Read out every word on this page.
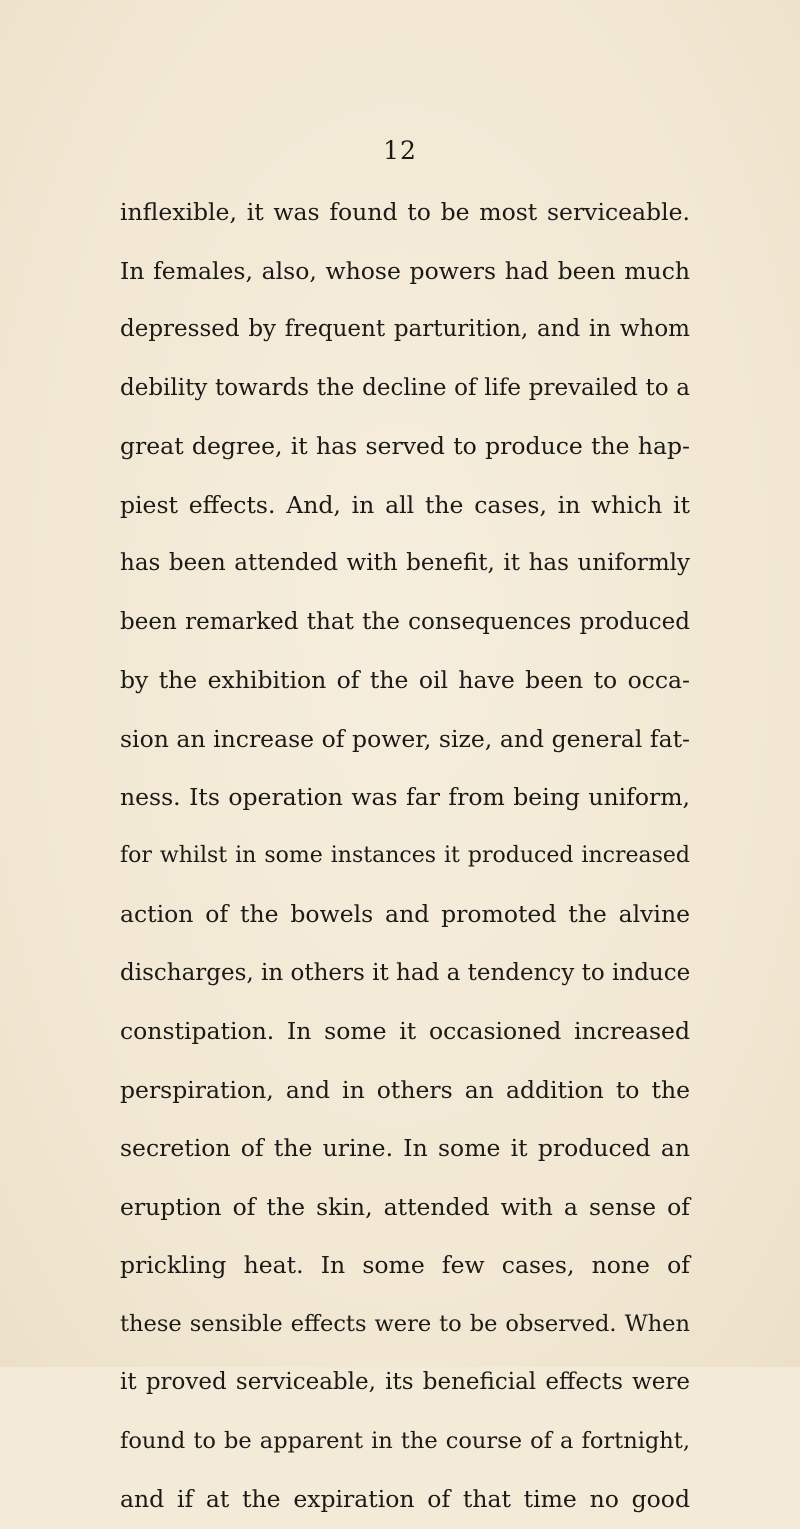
12
inflexible, it was found to be most serviceable.
In females, also, whose powers had been much
depressed by frequent parturition, and in whom
debility towards the decline of life prevailed to a
great degree, it has served to produce the hap-
piest effects. And, in all the cases, in which it
has been attended with benefit, it has uniformly
been remarked that the consequences produced
by the exhibition of the oil have been to occa-
sion an increase of power, size, and general fat-
ness. Its operation was far from being uniform,
for whilst in some instances it produced increased
action of the bowels and promoted the alvine
discharges, in others it had a tendency to induce
constipation. In some it occasioned increased
perspiration, and in others an addition to the
secretion of the urine. In some it produced an
eruption of the skin, attended with a sense of
prickling heat. In some few cases, none of
these sensible effects were to be observed. When
it proved serviceable, its beneficial effects were
found to be apparent in the course of a fortnight,
and if at the expiration of that time no good
